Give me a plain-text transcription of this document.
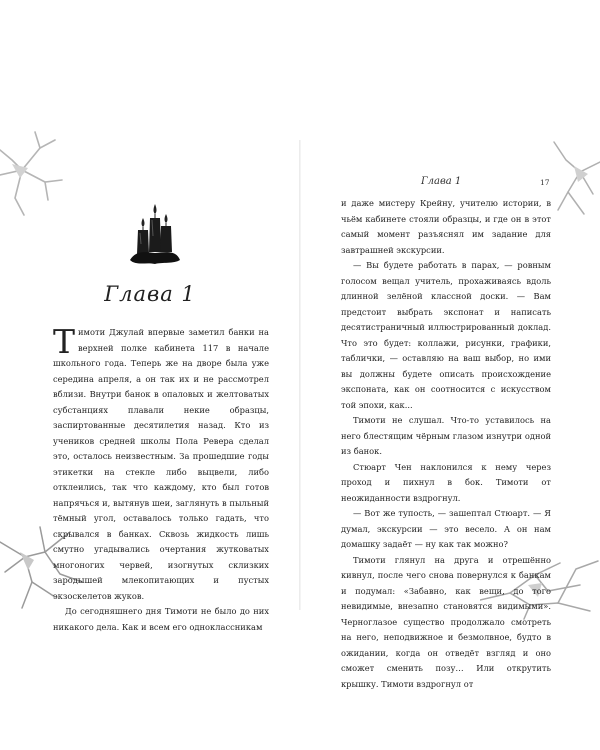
Глава 1

Тимоти Джулай впервые заметил банки на верхней полке кабинета 117 в начале школьного года. Теперь же на дворе была уже середина апреля, а он так их и не рассмотрел вблизи. Внутри банок в опаловых и желтоватых субстанциях плавали некие образцы, заспиртованные десятилетия назад. Кто из учеников средней школы Пола Ревера сделал это, осталось неизвестным. За прошедшие годы этикетки на стекле либо выцвели, либо отклеились, так что каждому, кто был готов напрячься и, вытянув шеи, заглянуть в пыльный тёмный угол, оставалось только гадать, что скрывался в банках. Сквозь жидкость лишь смутно угадывались очертания жутковатых многоногих червей, изогнутых склизких зародышей млекопитающих и пустых экзоскелетов жуков.

До сегодняшнего дня Тимоти не было до них никакого дела. Как и всем его одноклассникам

Глава 1	17

и даже мистеру Крейну, учителю истории, в чьём кабинете стояли образцы, и где он в этот самый момент разъяснял им задание для завтрашней экскурсии.

— Вы будете работать в парах, — ровным голосом вещал учитель, прохаживаясь вдоль длинной зелёной классной доски. — Вам предстоит выбрать экспонат и написать десятистраничный иллюстрированный доклад. Что это будет: коллажи, рисунки, графики, таблички, — оставляю на ваш выбор, но ими вы должны будете описать происхождение экспоната, как он соотносится с искусством той эпохи, как...

Тимоти не слушал. Что-то уставилось на него блестящим чёрным глазом изнутри одной из банок.

Стюарт Чен наклонился к нему через проход и пихнул в бок. Тимоти от неожиданности вздрогнул.

— Вот же тупость, — зашептал Стюарт. — Я думал, экскурсии — это весело. А он нам домашку задаёт — ну как так можно?

Тимоти глянул на друга и отрешённо кивнул, после чего снова повернулся к банкам и подумал: «Забавно, как вещи, до того невидимые, внезапно становятся видимыми». Черноглазое существо продолжало смотреть на него, неподвижное и безмолвное, будто в ожидании, когда он отведёт взгляд и оно сможет сменить позу… Или открутить крышку. Тимоти вздрогнул от
